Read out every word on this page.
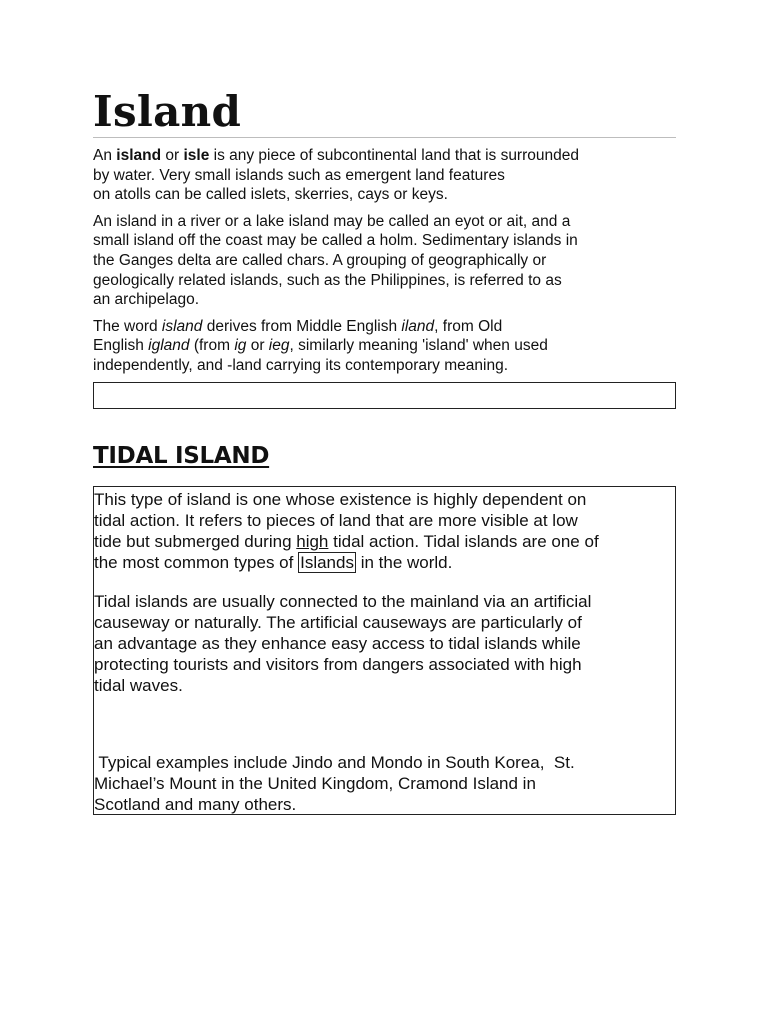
Island

An island or isle is any piece of subcontinental land that is surrounded
by water. Very small islands such as emergent land features
on atolls can be called islets, skerries, cays or keys.

An island in a river or a lake island may be called an eyot or ait, and a
small island off the coast may be called a holm. Sedimentary islands in
the Ganges delta are called chars. A grouping of geographically or
geologically related islands, such as the Philippines, is referred to as
an archipelago.

The word island derives from Middle English iland, from Old
English igland (from ig or ieg, similarly meaning 'island' when used
independently, and -land carrying its contemporary meaning.

TIDAL ISLAND

This type of island is one whose existence is highly dependent on
tidal action. It refers to pieces of land that are more visible at low
tide but submerged during high tidal action. Tidal islands are one of
the most common types of Islands in the world.

Tidal islands are usually connected to the mainland via an artificial
causeway or naturally. The artificial causeways are particularly of
an advantage as they enhance easy access to tidal islands while
protecting tourists and visitors from dangers associated with high
tidal waves.

Typical examples include Jindo and Mondo in South Korea,  St.
Michael’s Mount in the United Kingdom, Cramond Island in
Scotland and many others.
